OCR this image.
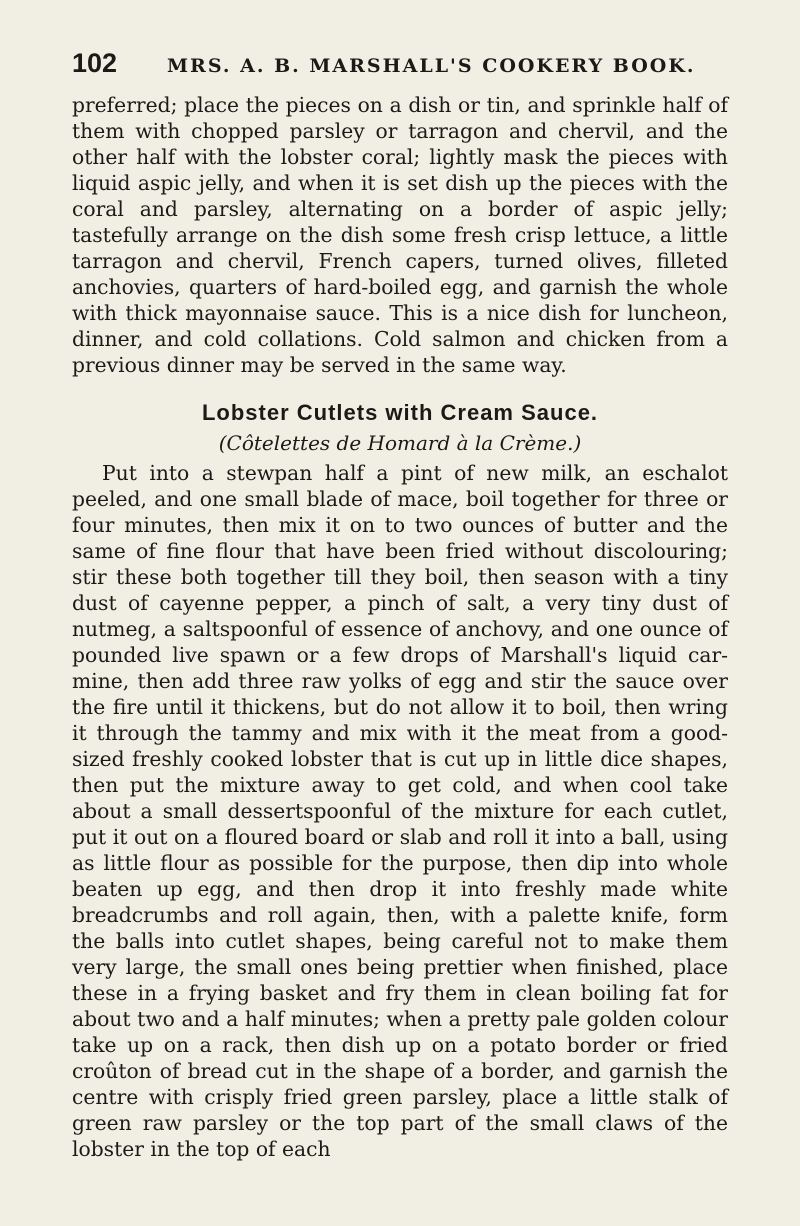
102	MRS. A. B. MARSHALL'S COOKERY BOOK.

preferred; place the pieces on a dish or tin, and sprinkle half of them with chopped parsley or tarragon and chervil, and the other half with the lobster coral; lightly mask the pieces with liquid aspic jelly, and when it is set dish up the pieces with the coral and parsley, alternating on a border of aspic jelly; tastefully arrange on the dish some fresh crisp lettuce, a little tarragon and chervil, French capers, turned olives, filleted anchovies, quarters of hard-boiled egg, and garnish the whole with thick mayonnaise sauce. This is a nice dish for luncheon, dinner, and cold collations. Cold salmon and chicken from a previous dinner may be served in the same way.

Lobster Cutlets with Cream Sauce.
(Côtelettes de Homard à la Crème.)

Put into a stewpan half a pint of new milk, an eschalot peeled, and one small blade of mace, boil together for three or four minutes, then mix it on to two ounces of butter and the same of fine flour that have been fried without discolouring; stir these both together till they boil, then season with a tiny dust of cayenne pepper, a pinch of salt, a very tiny dust of nutmeg, a saltspoonful of essence of anchovy, and one ounce of pounded live spawn or a few drops of Marshall's liquid car-mine, then add three raw yolks of egg and stir the sauce over the fire until it thickens, but do not allow it to boil, then wring it through the tammy and mix with it the meat from a good-sized freshly cooked lobster that is cut up in little dice shapes, then put the mixture away to get cold, and when cool take about a small dessertspoonful of the mixture for each cutlet, put it out on a floured board or slab and roll it into a ball, using as little flour as possible for the purpose, then dip into whole beaten up egg, and then drop it into freshly made white breadcrumbs and roll again, then, with a palette knife, form the balls into cutlet shapes, being careful not to make them very large, the small ones being prettier when finished, place these in a frying basket and fry them in clean boiling fat for about two and a half minutes; when a pretty pale golden colour take up on a rack, then dish up on a potato border or fried croûton of bread cut in the shape of a border, and garnish the centre with crisply fried green parsley, place a little stalk of green raw parsley or the top part of the small claws of the lobster in the top of each
